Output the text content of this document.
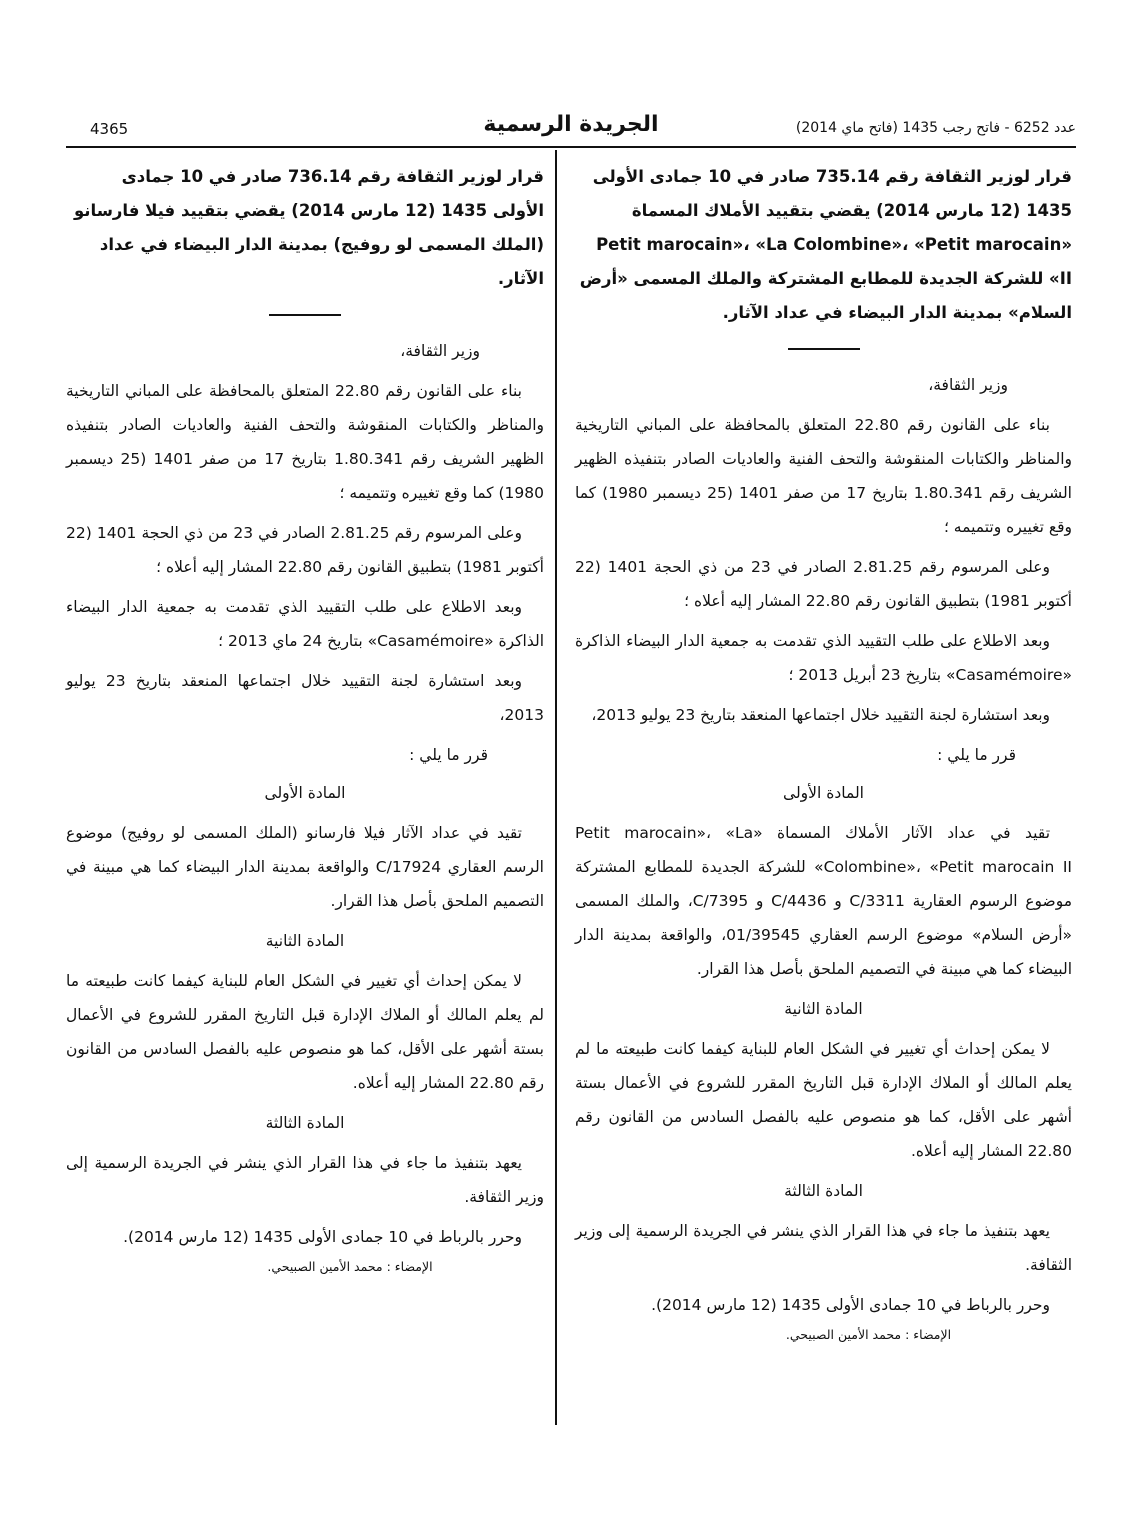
4365	الجريدة الرسمية	عدد 6252 - فاتح رجب 1435 (فاتح ماي 2014)

قرار لوزير الثقافة رقم 735.14 صادر في 10 جمادى الأولى 1435 (12 مارس 2014) يقضي بتقييد الأملاك المسماة «Petit marocain»، «La Colombine»، «Petit marocain II» للشركة الجديدة للمطابع المشتركة والملك المسمى «أرض السلام» بمدينة الدار البيضاء في عداد الآثار.

وزير الثقافة،

بناء على القانون رقم 22.80 المتعلق بالمحافظة على المباني التاريخية والمناظر والكتابات المنقوشة والتحف الفنية والعاديات الصادر بتنفيذه الظهير الشريف رقم 1.80.341 بتاريخ 17 من صفر 1401 (25 ديسمبر 1980) كما وقع تغييره وتتميمه ؛

وعلى المرسوم رقم 2.81.25 الصادر في 23 من ذي الحجة 1401 (22 أكتوبر 1981) بتطبيق القانون رقم 22.80 المشار إليه أعلاه ؛

وبعد الاطلاع على طلب التقييد الذي تقدمت به جمعية الدار البيضاء الذاكرة «Casamémoire» بتاريخ 23 أبريل 2013 ؛

وبعد استشارة لجنة التقييد خلال اجتماعها المنعقد بتاريخ 23 يوليو 2013،

قرر ما يلي :

المادة الأولى

تقيد في عداد الآثار الأملاك المسماة «Petit marocain»، «La Colombine»، «Petit marocain II» للشركة الجديدة للمطابع المشتركة موضوع الرسوم العقارية C/3311 و C/4436 و C/7395، والملك المسمى «أرض السلام» موضوع الرسم العقاري 01/39545، والواقعة بمدينة الدار البيضاء كما هي مبينة في التصميم الملحق بأصل هذا القرار.

المادة الثانية

لا يمكن إحداث أي تغيير في الشكل العام للبناية كيفما كانت طبيعته ما لم يعلم المالك أو الملاك الإدارة قبل التاريخ المقرر للشروع في الأعمال بستة أشهر على الأقل، كما هو منصوص عليه بالفصل السادس من القانون رقم 22.80 المشار إليه أعلاه.

المادة الثالثة

يعهد بتنفيذ ما جاء في هذا القرار الذي ينشر في الجريدة الرسمية إلى وزير الثقافة.

وحرر بالرباط في 10 جمادى الأولى 1435 (12 مارس 2014).

الإمضاء : محمد الأمين الصبيحي.

قرار لوزير الثقافة رقم 736.14 صادر في 10 جمادى الأولى 1435 (12 مارس 2014) يقضي بتقييد فيلا فارسانو (الملك المسمى لو روفيج) بمدينة الدار البيضاء في عداد الآثار.

وزير الثقافة،

بناء على القانون رقم 22.80 المتعلق بالمحافظة على المباني التاريخية والمناظر والكتابات المنقوشة والتحف الفنية والعاديات الصادر بتنفيذه الظهير الشريف رقم 1.80.341 بتاريخ 17 من صفر 1401 (25 ديسمبر 1980) كما وقع تغييره وتتميمه ؛

وعلى المرسوم رقم 2.81.25 الصادر في 23 من ذي الحجة 1401 (22 أكتوبر 1981) بتطبيق القانون رقم 22.80 المشار إليه أعلاه ؛

وبعد الاطلاع على طلب التقييد الذي تقدمت به جمعية الدار البيضاء الذاكرة «Casamémoire» بتاريخ 24 ماي 2013 ؛

وبعد استشارة لجنة التقييد خلال اجتماعها المنعقد بتاريخ 23 يوليو 2013،

قرر ما يلي :

المادة الأولى

تقيد في عداد الآثار فيلا فارسانو (الملك المسمى لو روفيج) موضوع الرسم العقاري C/17924 والواقعة بمدينة الدار البيضاء كما هي مبينة في التصميم الملحق بأصل هذا القرار.

المادة الثانية

لا يمكن إحداث أي تغيير في الشكل العام للبناية كيفما كانت طبيعته ما لم يعلم المالك أو الملاك الإدارة قبل التاريخ المقرر للشروع في الأعمال بستة أشهر على الأقل، كما هو منصوص عليه بالفصل السادس من القانون رقم 22.80 المشار إليه أعلاه.

المادة الثالثة

يعهد بتنفيذ ما جاء في هذا القرار الذي ينشر في الجريدة الرسمية إلى وزير الثقافة.

وحرر بالرباط في 10 جمادى الأولى 1435 (12 مارس 2014).

الإمضاء : محمد الأمين الصبيحي.
